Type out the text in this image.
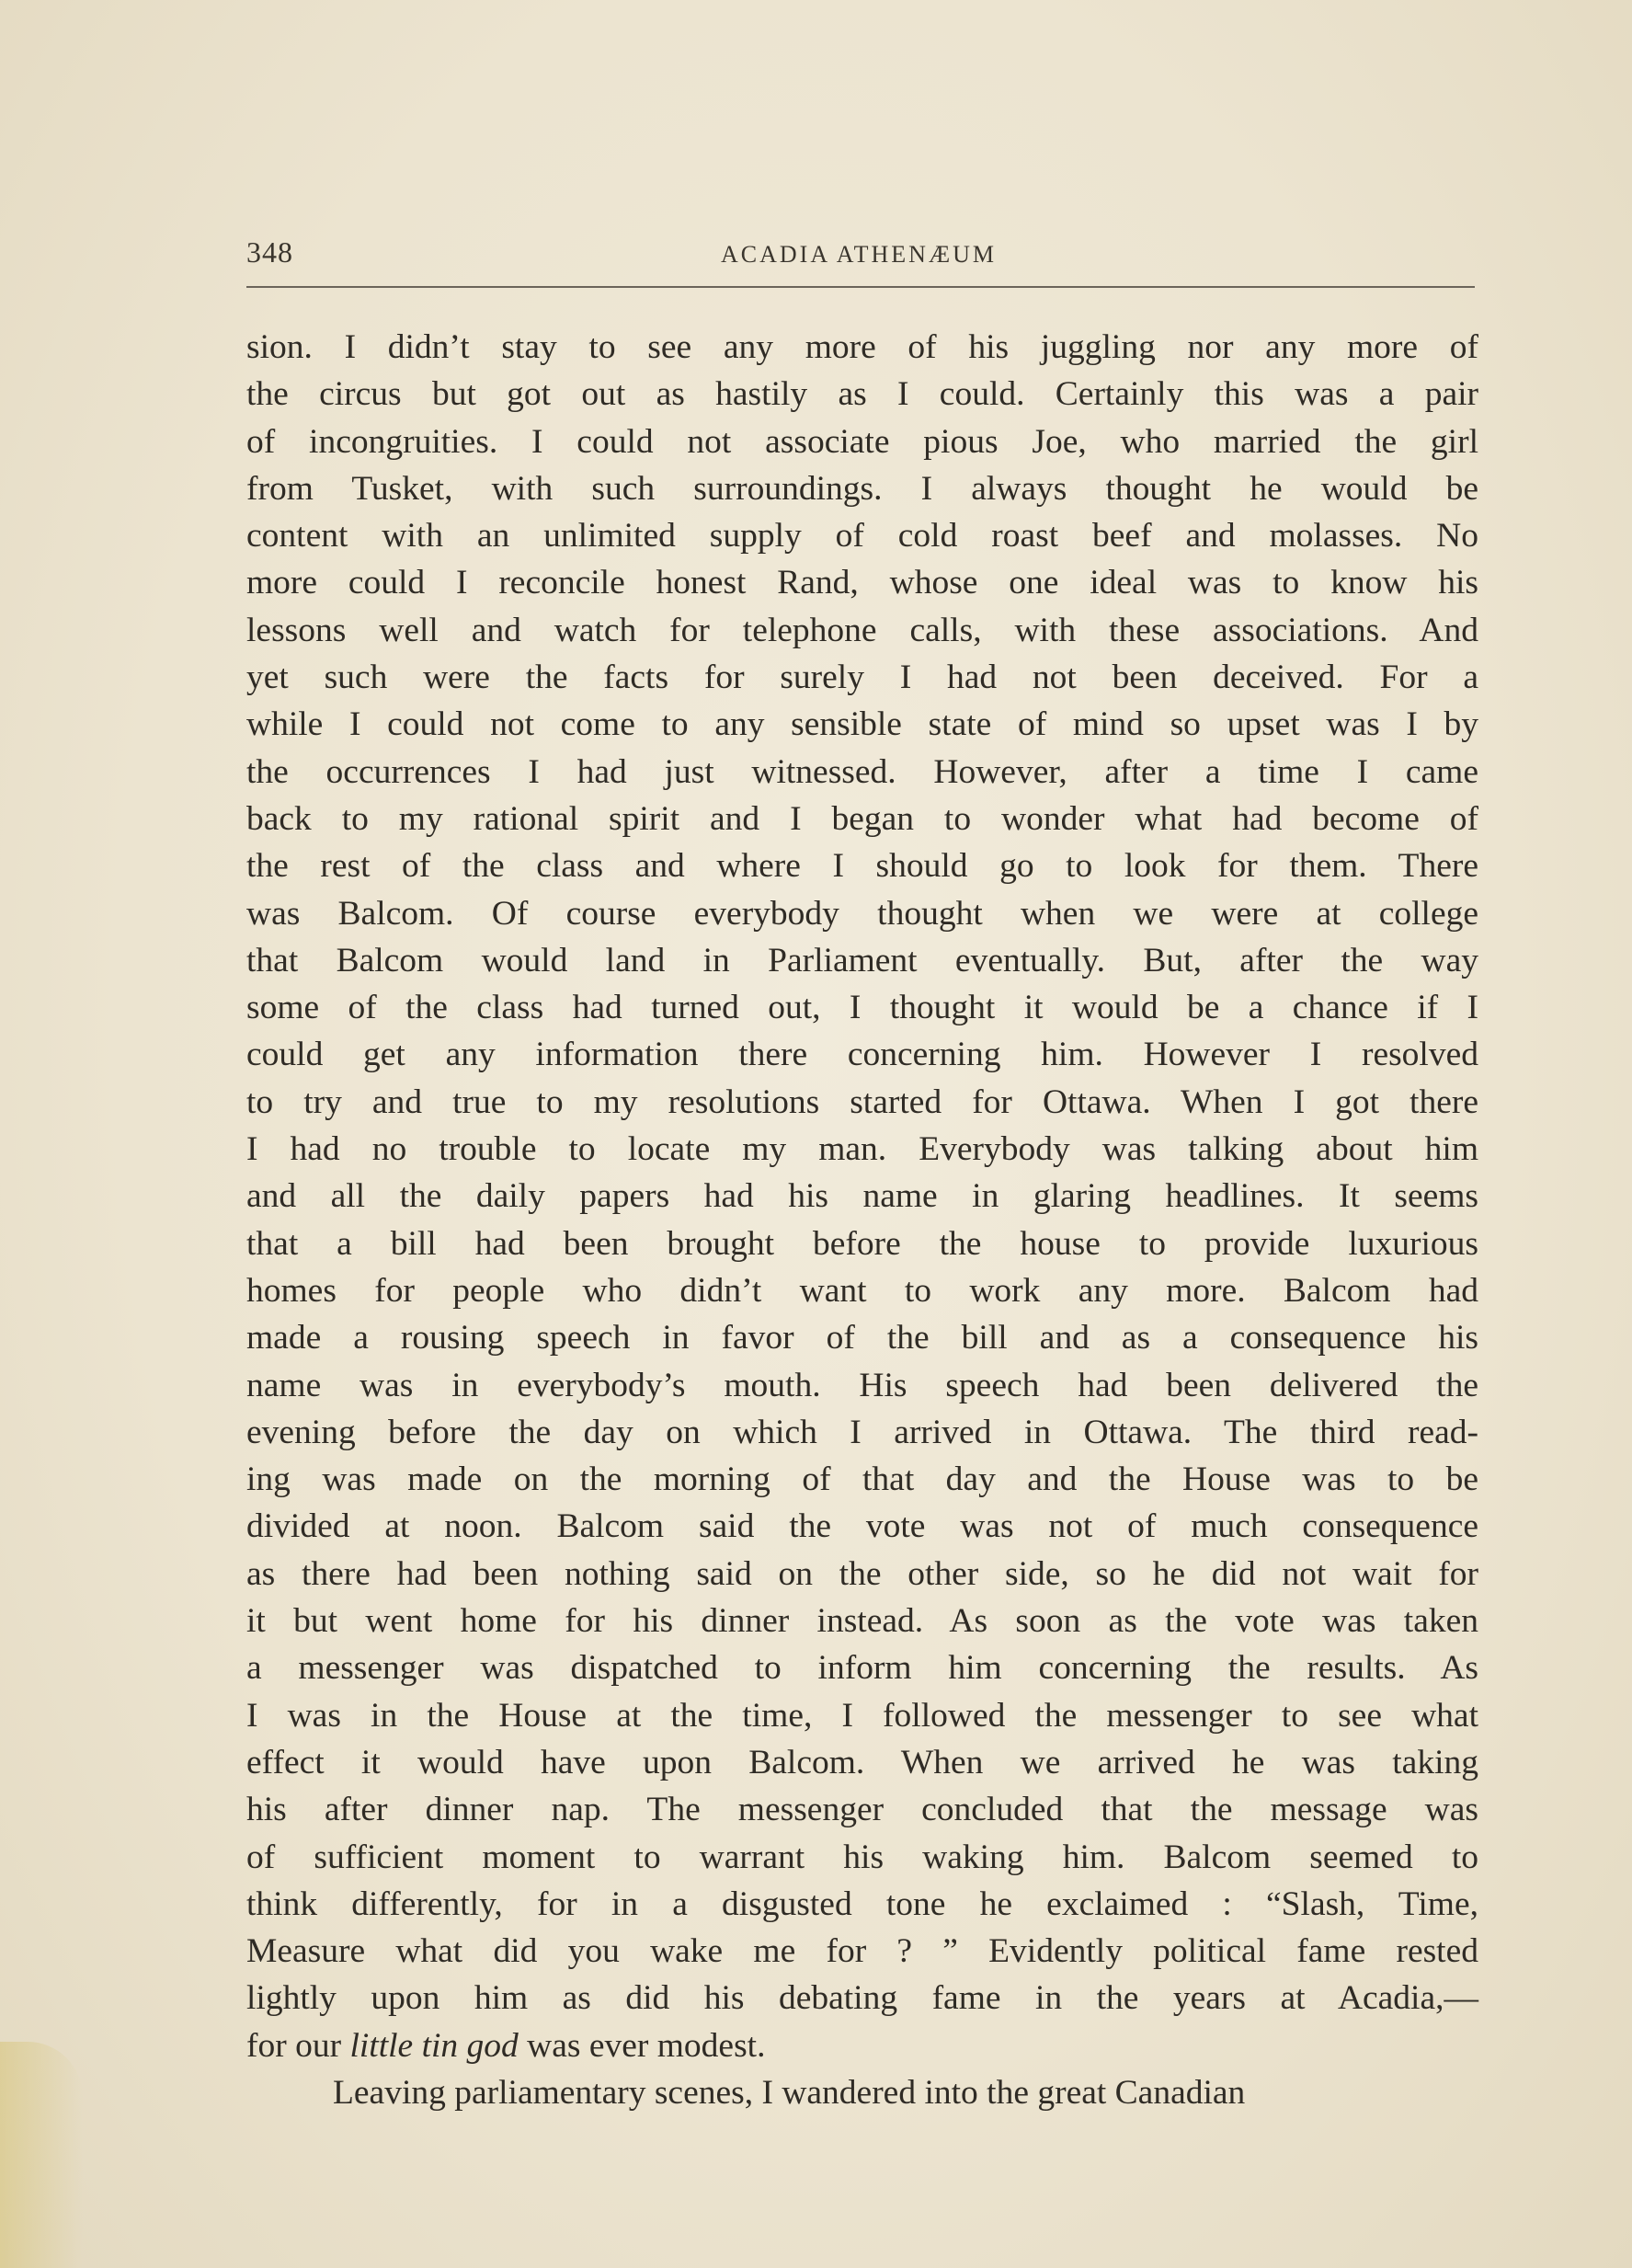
348	ACADIA ATHENÆUM
sion. I didn’t stay to see any more of his juggling nor any more of
the circus but got out as hastily as I could. Certainly this was a pair
of incongruities. I could not associate pious Joe, who married the girl
from Tusket, with such surroundings. I always thought he would be
content with an unlimited supply of cold roast beef and molasses. No
more could I reconcile honest Rand, whose one ideal was to know his
lessons well and watch for telephone calls, with these associations. And
yet such were the facts for surely I had not been deceived. For a
while I could not come to any sensible state of mind so upset was I by
the occurrences I had just witnessed. However, after a time I came
back to my rational spirit and I began to wonder what had become of
the rest of the class and where I should go to look for them. There
was Balcom. Of course everybody thought when we were at college
that Balcom would land in Parliament eventually. But, after the way
some of the class had turned out, I thought it would be a chance if I
could get any information there concerning him. However I resolved
to try and true to my resolutions started for Ottawa. When I got there
I had no trouble to locate my man. Everybody was talking about him
and all the daily papers had his name in glaring headlines. It seems
that a bill had been brought before the house to provide luxurious
homes for people who didn’t want to work any more. Balcom had
made a rousing speech in favor of the bill and as a consequence his
name was in everybody’s mouth. His speech had been delivered the
evening before the day on which I arrived in Ottawa. The third read-
ing was made on the morning of that day and the House was to be
divided at noon. Balcom said the vote was not of much consequence
as there had been nothing said on the other side, so he did not wait for
it but went home for his dinner instead. As soon as the vote was taken
a messenger was dispatched to inform him concerning the results. As
I was in the House at the time, I followed the messenger to see what
effect it would have upon Balcom. When we arrived he was taking
his after dinner nap. The messenger concluded that the message was
of sufficient moment to warrant his waking him. Balcom seemed to
think differently, for in a disgusted tone he exclaimed : “Slash, Time,
Measure what did you wake me for ? ” Evidently political fame rested
lightly upon him as did his debating fame in the years at Acadia,—
for our little tin god was ever modest.
Leaving parliamentary scenes, I wandered into the great Canadian
